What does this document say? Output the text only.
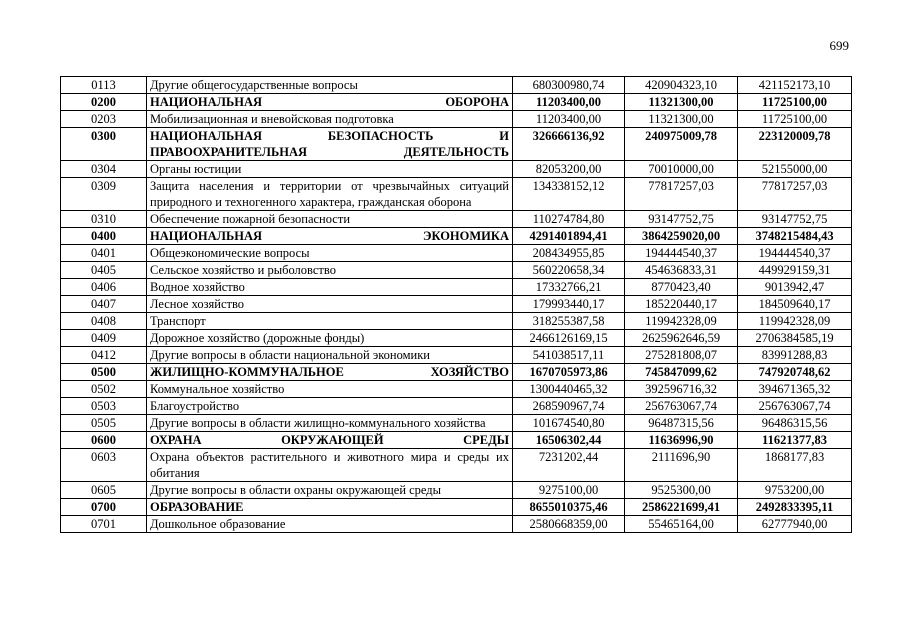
699
0113	Другие общегосударственные вопросы	680300980,74	420904323,10	421152173,10
0200	НАЦИОНАЛЬНАЯ ОБОРОНА	11203400,00	11321300,00	11725100,00
0203	Мобилизационная и вневойсковая подготовка	11203400,00	11321300,00	11725100,00
0300	НАЦИОНАЛЬНАЯ БЕЗОПАСНОСТЬ И ПРАВООХРАНИТЕЛЬНАЯ ДЕЯТЕЛЬНОСТЬ	326666136,92	240975009,78	223120009,78
0304	Органы юстиции	82053200,00	70010000,00	52155000,00
0309	Защита населения и территории от чрезвычайных ситуаций природного и техногенного характера, гражданская оборона	134338152,12	77817257,03	77817257,03
0310	Обеспечение пожарной безопасности	110274784,80	93147752,75	93147752,75
0400	НАЦИОНАЛЬНАЯ ЭКОНОМИКА	4291401894,41	3864259020,00	3748215484,43
0401	Общеэкономические вопросы	208434955,85	194444540,37	194444540,37
0405	Сельское хозяйство и рыболовство	560220658,34	454636833,31	449929159,31
0406	Водное хозяйство	17332766,21	8770423,40	9013942,47
0407	Лесное хозяйство	179993440,17	185220440,17	184509640,17
0408	Транспорт	318255387,58	119942328,09	119942328,09
0409	Дорожное хозяйство (дорожные фонды)	2466126169,15	2625962646,59	2706384585,19
0412	Другие вопросы в области национальной экономики	541038517,11	275281808,07	83991288,83
0500	ЖИЛИЩНО-КОММУНАЛЬНОЕ ХОЗЯЙСТВО	1670705973,86	745847099,62	747920748,62
0502	Коммунальное хозяйство	1300440465,32	392596716,32	394671365,32
0503	Благоустройство	268590967,74	256763067,74	256763067,74
0505	Другие вопросы в области жилищно-коммунального хозяйства	101674540,80	96487315,56	96486315,56
0600	ОХРАНА ОКРУЖАЮЩЕЙ СРЕДЫ	16506302,44	11636996,90	11621377,83
0603	Охрана объектов растительного и животного мира и среды их обитания	7231202,44	2111696,90	1868177,83
0605	Другие вопросы в области охраны окружающей среды	9275100,00	9525300,00	9753200,00
0700	ОБРАЗОВАНИЕ	8655010375,46	2586221699,41	2492833395,11
0701	Дошкольное образование	2580668359,00	55465164,00	62777940,00
